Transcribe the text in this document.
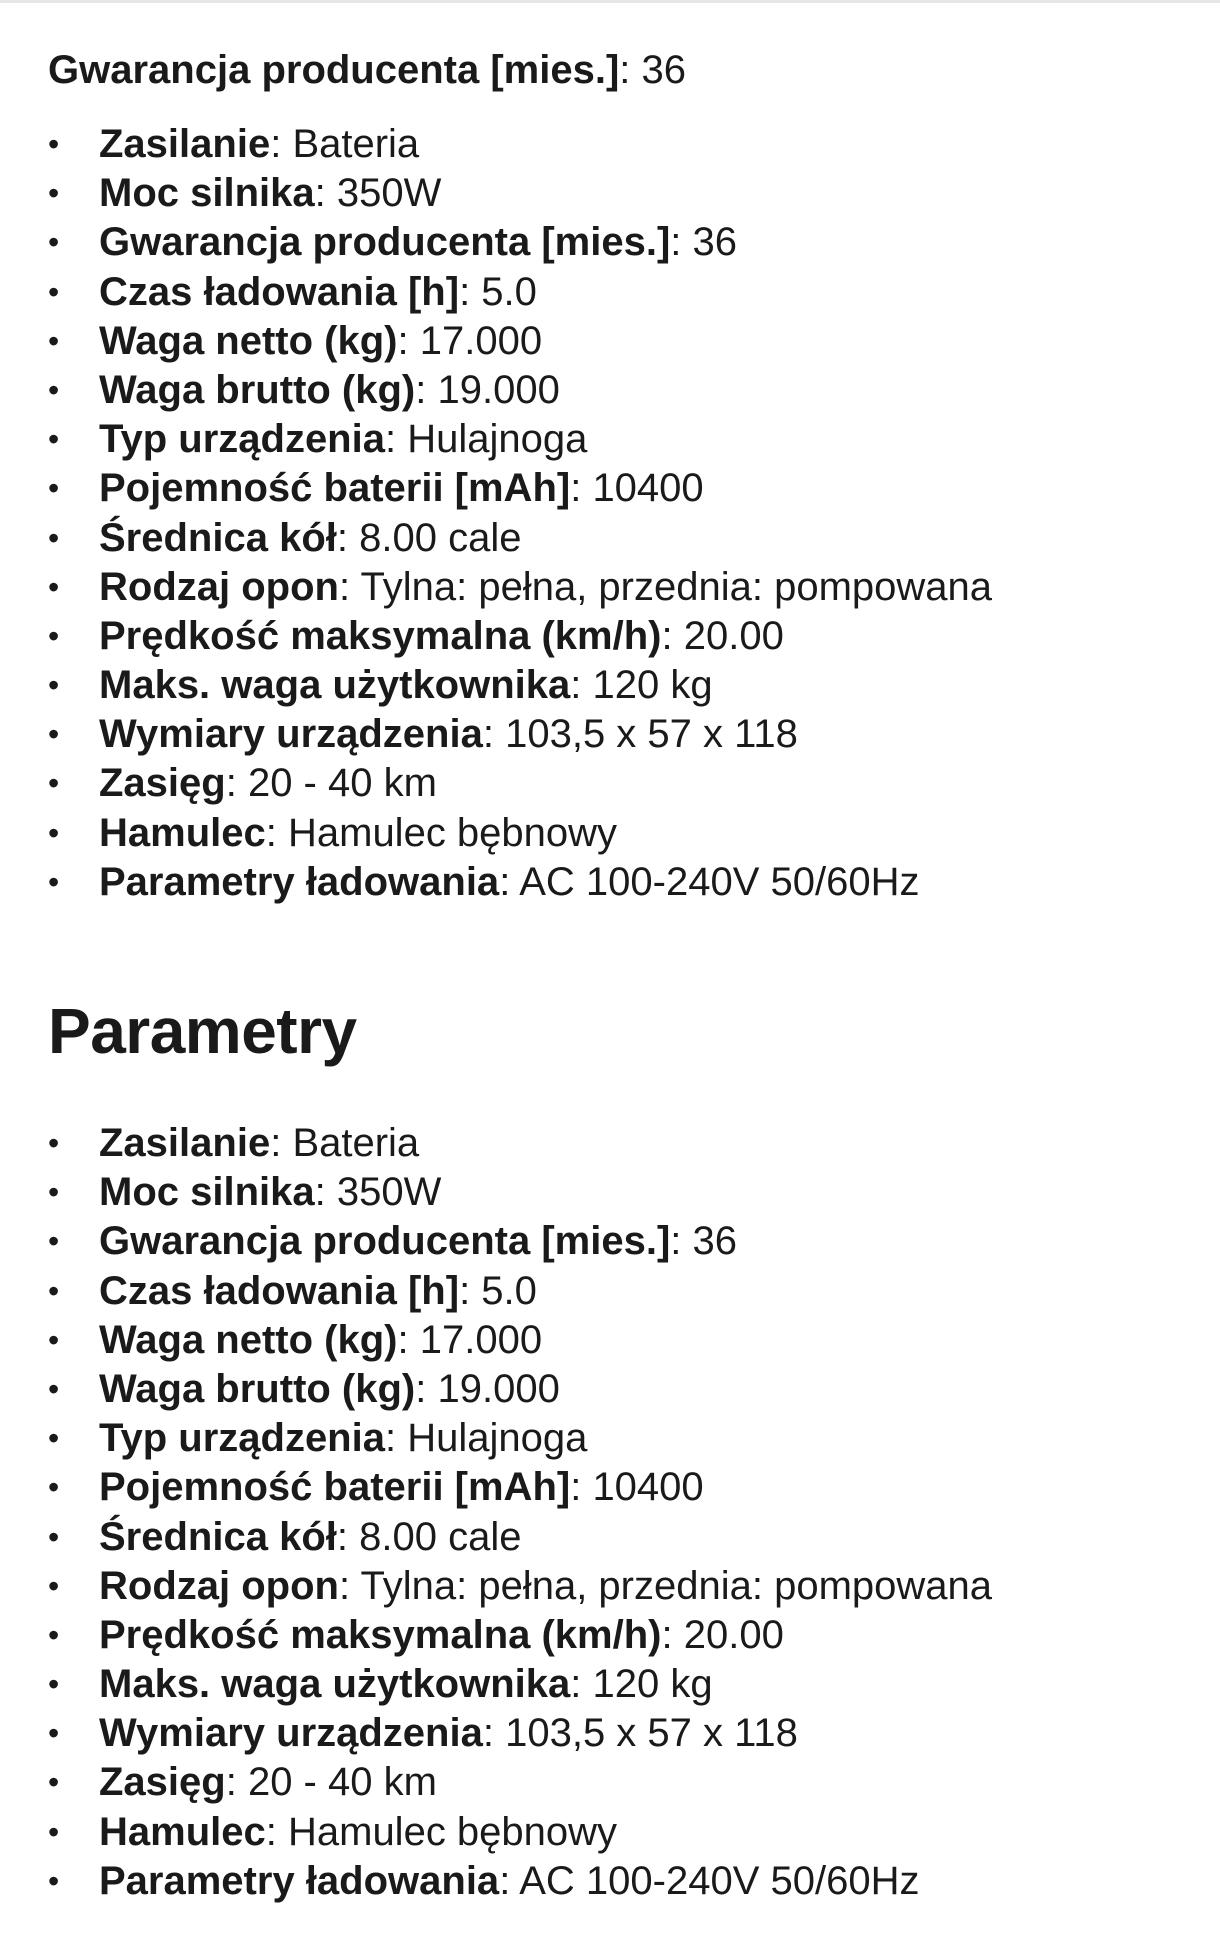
Gwarancja producenta [mies.]: 36

• Zasilanie: Bateria
• Moc silnika: 350W
• Gwarancja producenta [mies.]: 36
• Czas ładowania [h]: 5.0
• Waga netto (kg): 17.000
• Waga brutto (kg): 19.000
• Typ urządzenia: Hulajnoga
• Pojemność baterii [mAh]: 10400
• Średnica kół: 8.00 cale
• Rodzaj opon: Tylna: pełna, przednia: pompowana
• Prędkość maksymalna (km/h): 20.00
• Maks. waga użytkownika: 120 kg
• Wymiary urządzenia: 103,5 x 57 x 118
• Zasięg: 20 - 40 km
• Hamulec: Hamulec bębnowy
• Parametry ładowania: AC 100-240V 50/60Hz
Parametry
• Zasilanie: Bateria
• Moc silnika: 350W
• Gwarancja producenta [mies.]: 36
• Czas ładowania [h]: 5.0
• Waga netto (kg): 17.000
• Waga brutto (kg): 19.000
• Typ urządzenia: Hulajnoga
• Pojemność baterii [mAh]: 10400
• Średnica kół: 8.00 cale
• Rodzaj opon: Tylna: pełna, przednia: pompowana
• Prędkość maksymalna (km/h): 20.00
• Maks. waga użytkownika: 120 kg
• Wymiary urządzenia: 103,5 x 57 x 118
• Zasięg: 20 - 40 km
• Hamulec: Hamulec bębnowy
• Parametry ładowania: AC 100-240V 50/60Hz
